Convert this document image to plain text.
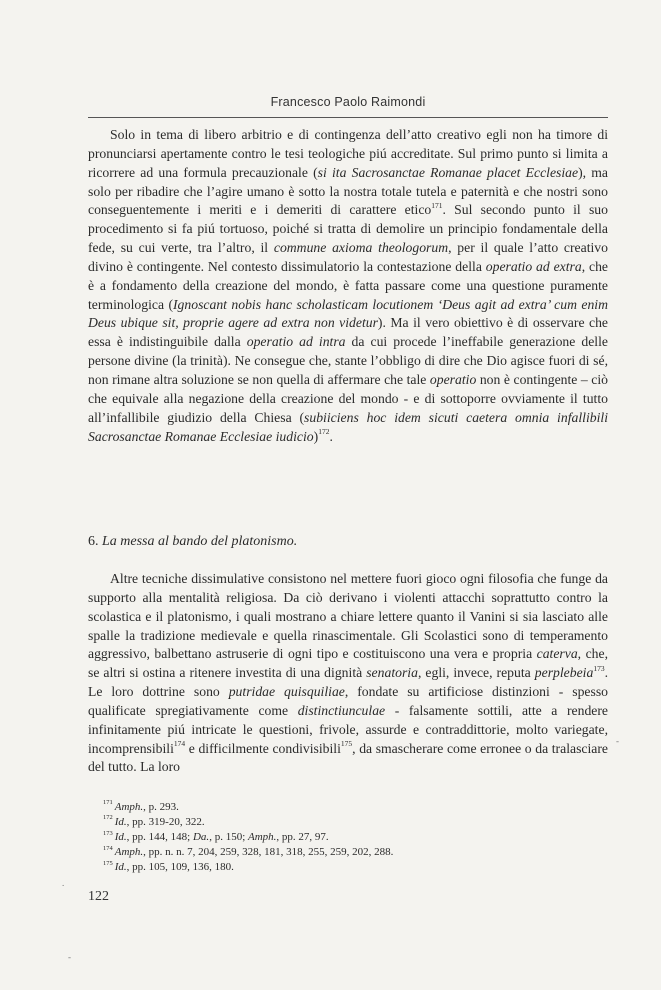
Francesco Paolo Raimondi

Solo in tema di libero arbitrio e di contingenza dell’atto creativo egli non ha timore di pronunciarsi apertamente contro le tesi teologiche piú accreditate. Sul primo punto si limita a ricorrere ad una formula precauzionale (si ita Sacrosanctae Romanae placet Ecclesiae), ma solo per ribadire che l’agire umano è sotto la nostra totale tutela e paternità e che nostri sono conseguentemente i meriti e i demeriti di carattere etico$^{171}$. Sul secondo punto il suo procedimento si fa piú tortuoso, poiché si tratta di demolire un principio fondamentale della fede, su cui verte, tra l’altro, il commune axioma theologorum, per il quale l’atto creativo divino è contingente. Nel contesto dissimulatorio la contestazione della operatio ad extra, che è a fondamento della creazione del mondo, è fatta passare come una questione puramente terminologica (Ignoscant nobis hanc scholasticam locutionem ‘Deus agit ad extra’ cum enim Deus ubique sit, proprie agere ad extra non videtur). Ma il vero obiettivo è di osservare che essa è indistinguibile dalla operatio ad intra da cui procede l’ineffabile generazione delle persone divine (la trinità). Ne consegue che, stante l’obbligo di dire che Dio agisce fuori di sé, non rimane altra soluzione se non quella di affermare che tale operatio non è contingente – ciò che equivale alla negazione della creazione del mondo - e di sottoporre ovviamente il tutto all’infallibile giudizio della Chiesa (subiiciens hoc idem sicuti caetera omnia infallibili Sacrosanctae Romanae Ecclesiae iudicio)$^{172}$.

6. La messa al bando del platonismo.

Altre tecniche dissimulative consistono nel mettere fuori gioco ogni filosofia che funge da supporto alla mentalità religiosa. Da ciò derivano i violenti attacchi soprattutto contro la scolastica e il platonismo, i quali mostrano a chiare lettere quanto il Vanini si sia lasciato alle spalle la tradizione medievale e quella rinascimentale. Gli Scolastici sono di temperamento aggressivo, balbettano astruserie di ogni tipo e costituiscono una vera e propria caterva, che, se altri si ostina a ritenere investita di una dignità senatoria, egli, invece, reputa perplebeia$^{173}$. Le loro dottrine sono putridae quisquiliae, fondate su artificiose distinzioni - spesso qualificate spregiativamente come distinctiunculae - falsamente sottili, atte a rendere infinitamente piú intricate le questioni, frivole, assurde e contraddittorie, molto variegate, incomprensibili$^{174}$ e difficilmente condivisibili$^{175}$, da smascherare come erronee o da tralasciare del tutto. La loro

$^{171}$ Amph., p. 293.
$^{172}$ Id., pp. 319-20, 322.
$^{173}$ Id., pp. 144, 148; Da., p. 150; Amph., pp. 27, 97.
$^{174}$ Amph., pp. n. n. 7, 204, 259, 328, 181, 318, 255, 259, 202, 288.
$^{175}$ Id., pp. 105, 109, 136, 180.
122
.
-
-
